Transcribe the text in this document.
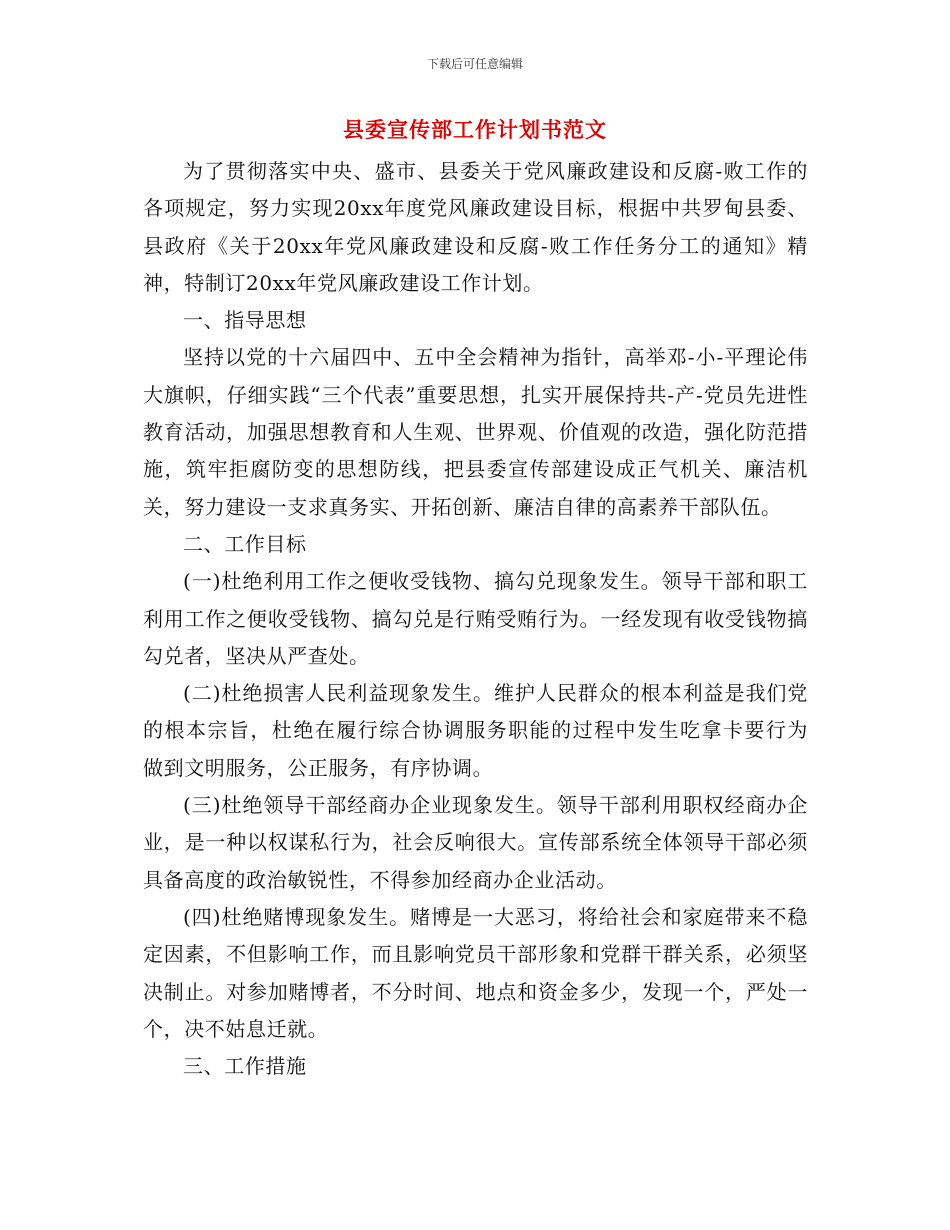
下载后可任意编辑
县委宣传部工作计划书范文

为了贯彻落实中央、盛市、县委关于党风廉政建设和反腐-败工作的各项规定，努力实现20xx年度党风廉政建设目标，根据中共罗甸县委、县政府《关于20xx年党风廉政建设和反腐-败工作任务分工的通知》精神，特制订20xx年党风廉政建设工作计划。

一、指导思想

坚持以党的十六届四中、五中全会精神为指针，高举邓-小-平理论伟大旗帜，仔细实践“三个代表”重要思想，扎实开展保持共-产-党员先进性教育活动，加强思想教育和人生观、世界观、价值观的改造，强化防范措施，筑牢拒腐防变的思想防线，把县委宣传部建设成正气机关、廉洁机关，努力建设一支求真务实、开拓创新、廉洁自律的高素养干部队伍。

二、工作目标

(一)杜绝利用工作之便收受钱物、搞勾兑现象发生。领导干部和职工利用工作之便收受钱物、搞勾兑是行贿受贿行为。一经发现有收受钱物搞勾兑者，坚决从严查处。

(二)杜绝损害人民利益现象发生。维护人民群众的根本利益是我们党的根本宗旨，杜绝在履行综合协调服务职能的过程中发生吃拿卡要行为 做到文明服务，公正服务，有序协调。

(三)杜绝领导干部经商办企业现象发生。领导干部利用职权经商办企业，是一种以权谋私行为，社会反响很大。宣传部系统全体领导干部必须具备高度的政治敏锐性，不得参加经商办企业活动。

(四)杜绝赌博现象发生。赌博是一大恶习，将给社会和家庭带来不稳定因素，不但影响工作，而且影响党员干部形象和党群干群关系，必须坚决制止。对参加赌博者，不分时间、地点和资金多少，发现一个，严处一个，决不姑息迁就。

三、工作措施
